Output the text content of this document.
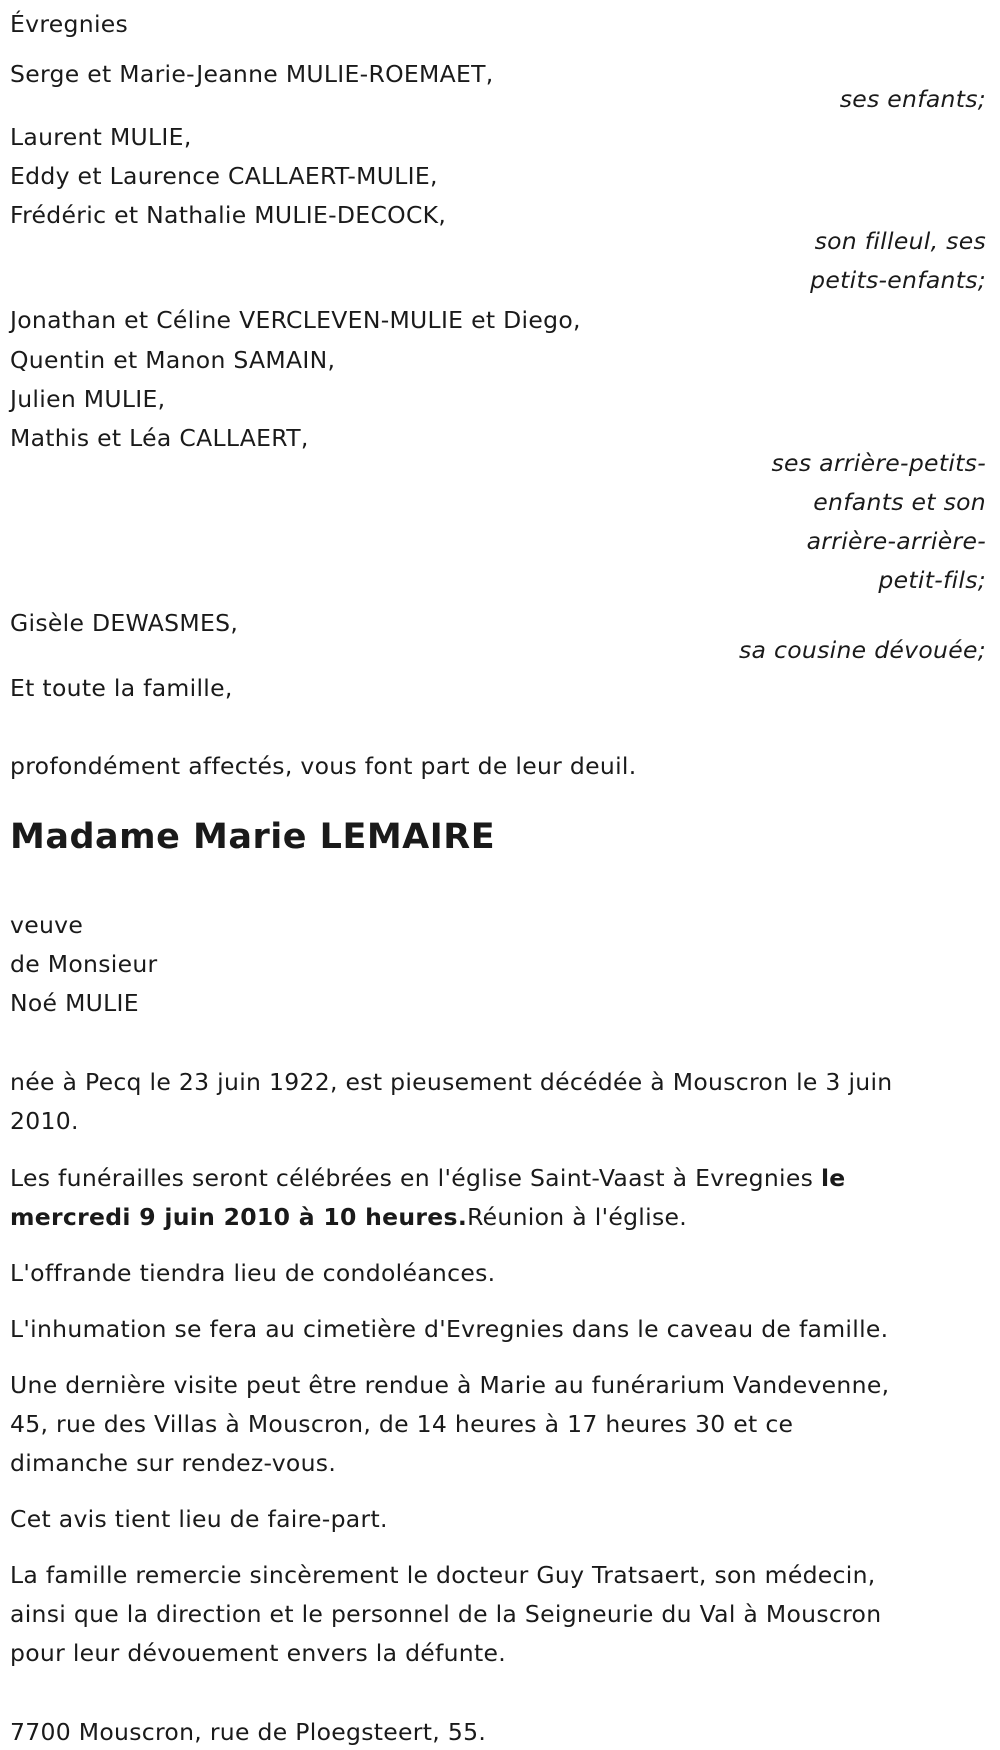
Évregnies
Serge et Marie-Jeanne MULIE-ROEMAET,
ses enfants;
Laurent MULIE,
Eddy et Laurence CALLAERT-MULIE,
Frédéric et Nathalie MULIE-DECOCK,
son filleul, ses
petits-enfants;
Jonathan et Céline VERCLEVEN-MULIE et Diego,
Quentin et Manon SAMAIN,
Julien MULIE,
Mathis et Léa CALLAERT,
ses arrière-petits-
enfants et son
arrière-arrière-
petit-fils;
Gisèle DEWASMES,
sa cousine dévouée;
Et toute la famille,
profondément affectés, vous font part de leur deuil.
Madame Marie LEMAIRE
veuve
de Monsieur
Noé MULIE
née à Pecq le 23 juin 1922, est pieusement décédée à Mouscron le 3 juin
2010.
Les funérailles seront célébrées en l'église Saint-Vaast à Evregnies le
mercredi 9 juin 2010 à 10 heures.Réunion à l'église.
L'offrande tiendra lieu de condoléances.
L'inhumation se fera au cimetière d'Evregnies dans le caveau de famille.
Une dernière visite peut être rendue à Marie au funérarium Vandevenne,
45, rue des Villas à Mouscron, de 14 heures à 17 heures 30 et ce
dimanche sur rendez-vous.
Cet avis tient lieu de faire-part.
La famille remercie sincèrement le docteur Guy Tratsaert, son médecin,
ainsi que la direction et le personnel de la Seigneurie du Val à Mouscron
pour leur dévouement envers la défunte.
7700 Mouscron, rue de Ploegsteert, 55.
